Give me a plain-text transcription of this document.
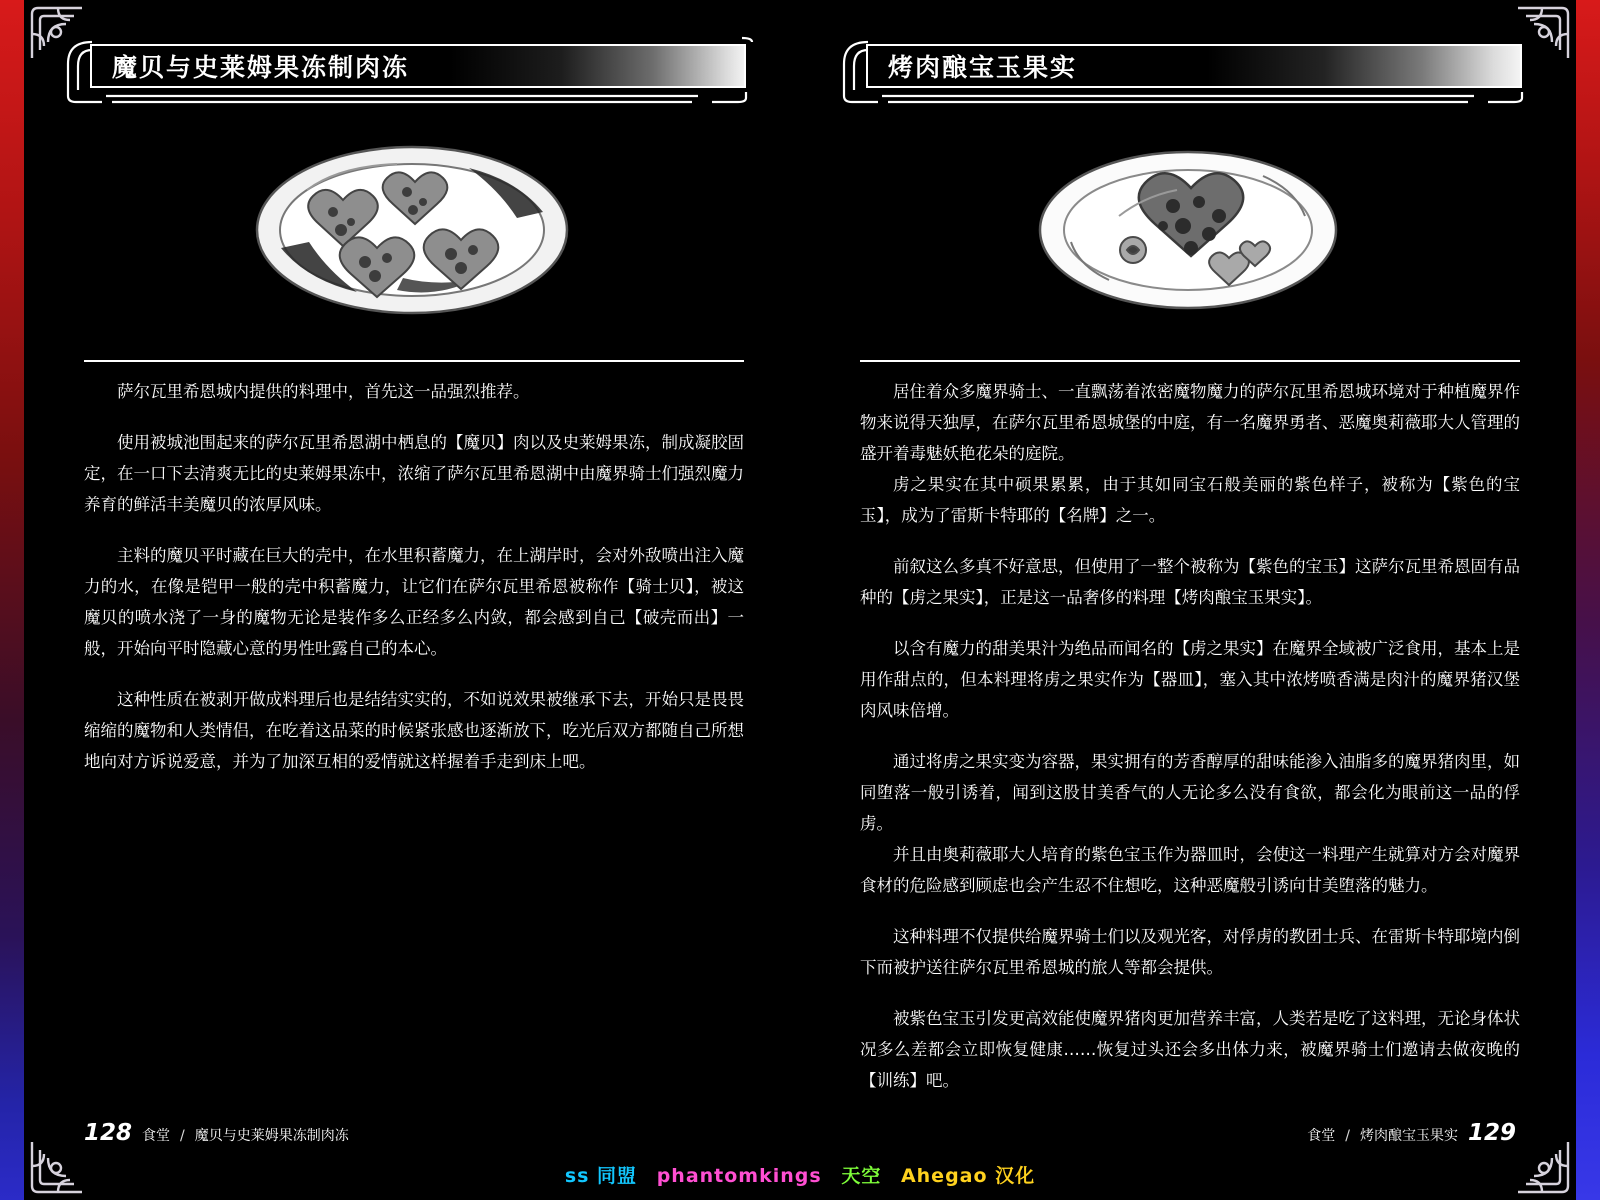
魔贝与史莱姆果冻制肉冻

萨尔瓦里希恩城内提供的料理中，首先这一品强烈推荐。

使用被城池围起来的萨尔瓦里希恩湖中栖息的【魔贝】肉以及史莱姆果冻，制成凝胶固定，在一口下去清爽无比的史莱姆果冻中，浓缩了萨尔瓦里希恩湖中由魔界骑士们强烈魔力养育的鲜活丰美魔贝的浓厚风味。

主料的魔贝平时藏在巨大的壳中，在水里积蓄魔力，在上湖岸时，会对外敌喷出注入魔力的水，在像是铠甲一般的壳中积蓄魔力，让它们在萨尔瓦里希恩被称作【骑士贝】，被这魔贝的喷水浇了一身的魔物无论是装作多么正经多么内敛，都会感到自己【破壳而出】一般，开始向平时隐藏心意的男性吐露自己的本心。

这种性质在被剥开做成料理后也是结结实实的，不如说效果被继承下去，开始只是畏畏缩缩的魔物和人类情侣，在吃着这品菜的时候紧张感也逐渐放下，吃光后双方都随自己所想地向对方诉说爱意，并为了加深互相的爱情就这样握着手走到床上吧。

128 食堂 / 魔贝与史莱姆果冻制肉冻
烤肉酿宝玉果实

居住着众多魔界骑士、一直飘荡着浓密魔物魔力的萨尔瓦里希恩城环境对于种植魔界作物来说得天独厚，在萨尔瓦里希恩城堡的中庭，有一名魔界勇者、恶魔奥莉薇耶大人管理的盛开着毒魅妖艳花朵的庭院。

虏之果实在其中硕果累累，由于其如同宝石般美丽的紫色样子，被称为【紫色的宝玉】，成为了雷斯卡特耶的【名牌】之一。

前叙这么多真不好意思，但使用了一整个被称为【紫色的宝玉】这萨尔瓦里希恩固有品种的【虏之果实】，正是这一品奢侈的料理【烤肉酿宝玉果实】。

以含有魔力的甜美果汁为绝品而闻名的【虏之果实】在魔界全域被广泛食用，基本上是用作甜点的，但本料理将虏之果实作为【器皿】，塞入其中浓烤喷香满是肉汁的魔界猪汉堡肉风味倍增。

通过将虏之果实变为容器，果实拥有的芳香醇厚的甜味能渗入油脂多的魔界猪肉里，如同堕落一般引诱着，闻到这股甘美香气的人无论多么没有食欲，都会化为眼前这一品的俘虏。

并且由奥莉薇耶大人培育的紫色宝玉作为器皿时，会使这一料理产生就算对方会对魔界食材的危险感到顾虑也会产生忍不住想吃，这种恶魔般引诱向甘美堕落的魅力。

这种料理不仅提供给魔界骑士们以及观光客，对俘虏的教团士兵、在雷斯卡特耶境内倒下而被护送往萨尔瓦里希恩城的旅人等都会提供。

被紫色宝玉引发更高效能使魔界猪肉更加营养丰富，人类若是吃了这料理，无论身体状况多么差都会立即恢复健康……恢复过头还会多出体力来，被魔界骑士们邀请去做夜晚的【训练】吧。

食堂 / 烤肉酿宝玉果实 129
ss 同盟 phantomkings 天空 Ahegao 汉化
